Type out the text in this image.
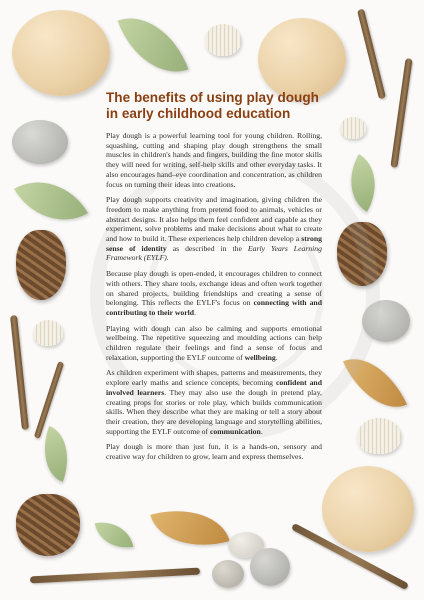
The benefits of using play dough in early childhood education

Play dough is a powerful learning tool for young children. Rolling, squashing, cutting and shaping play dough strengthens the small muscles in children's hands and fingers, building the fine motor skills they will need for writing, self-help skills and other everyday tasks. It also encourages hand–eye coordination and concentration, as children focus on turning their ideas into creations.

Play dough supports creativity and imagination, giving children the freedom to make anything from pretend food to animals, vehicles or abstract designs. It also helps them feel confident and capable as they experiment, solve problems and make decisions about what to create and how to build it. These experiences help children develop a strong sense of identity as described in the Early Years Learning Framework (EYLF).

Because play dough is open-ended, it encourages children to connect with others. They share tools, exchange ideas and often work together on shared projects, building friendships and creating a sense of belonging. This reflects the EYLF's focus on connecting with and contributing to their world.

Playing with dough can also be calming and supports emotional wellbeing. The repetitive squeezing and moulding actions can help children regulate their feelings and find a sense of focus and relaxation, supporting the EYLF outcome of wellbeing.

As children experiment with shapes, patterns and measurements, they explore early maths and science concepts, becoming confident and involved learners. They may also use the dough in pretend play, creating props for stories or role play, which builds communication skills. When they describe what they are making or tell a story about their creation, they are developing language and storytelling abilities, supporting the EYLF outcome of communication.

Play dough is more than just fun, it is a hands-on, sensory and creative way for children to grow, learn and express themselves.
